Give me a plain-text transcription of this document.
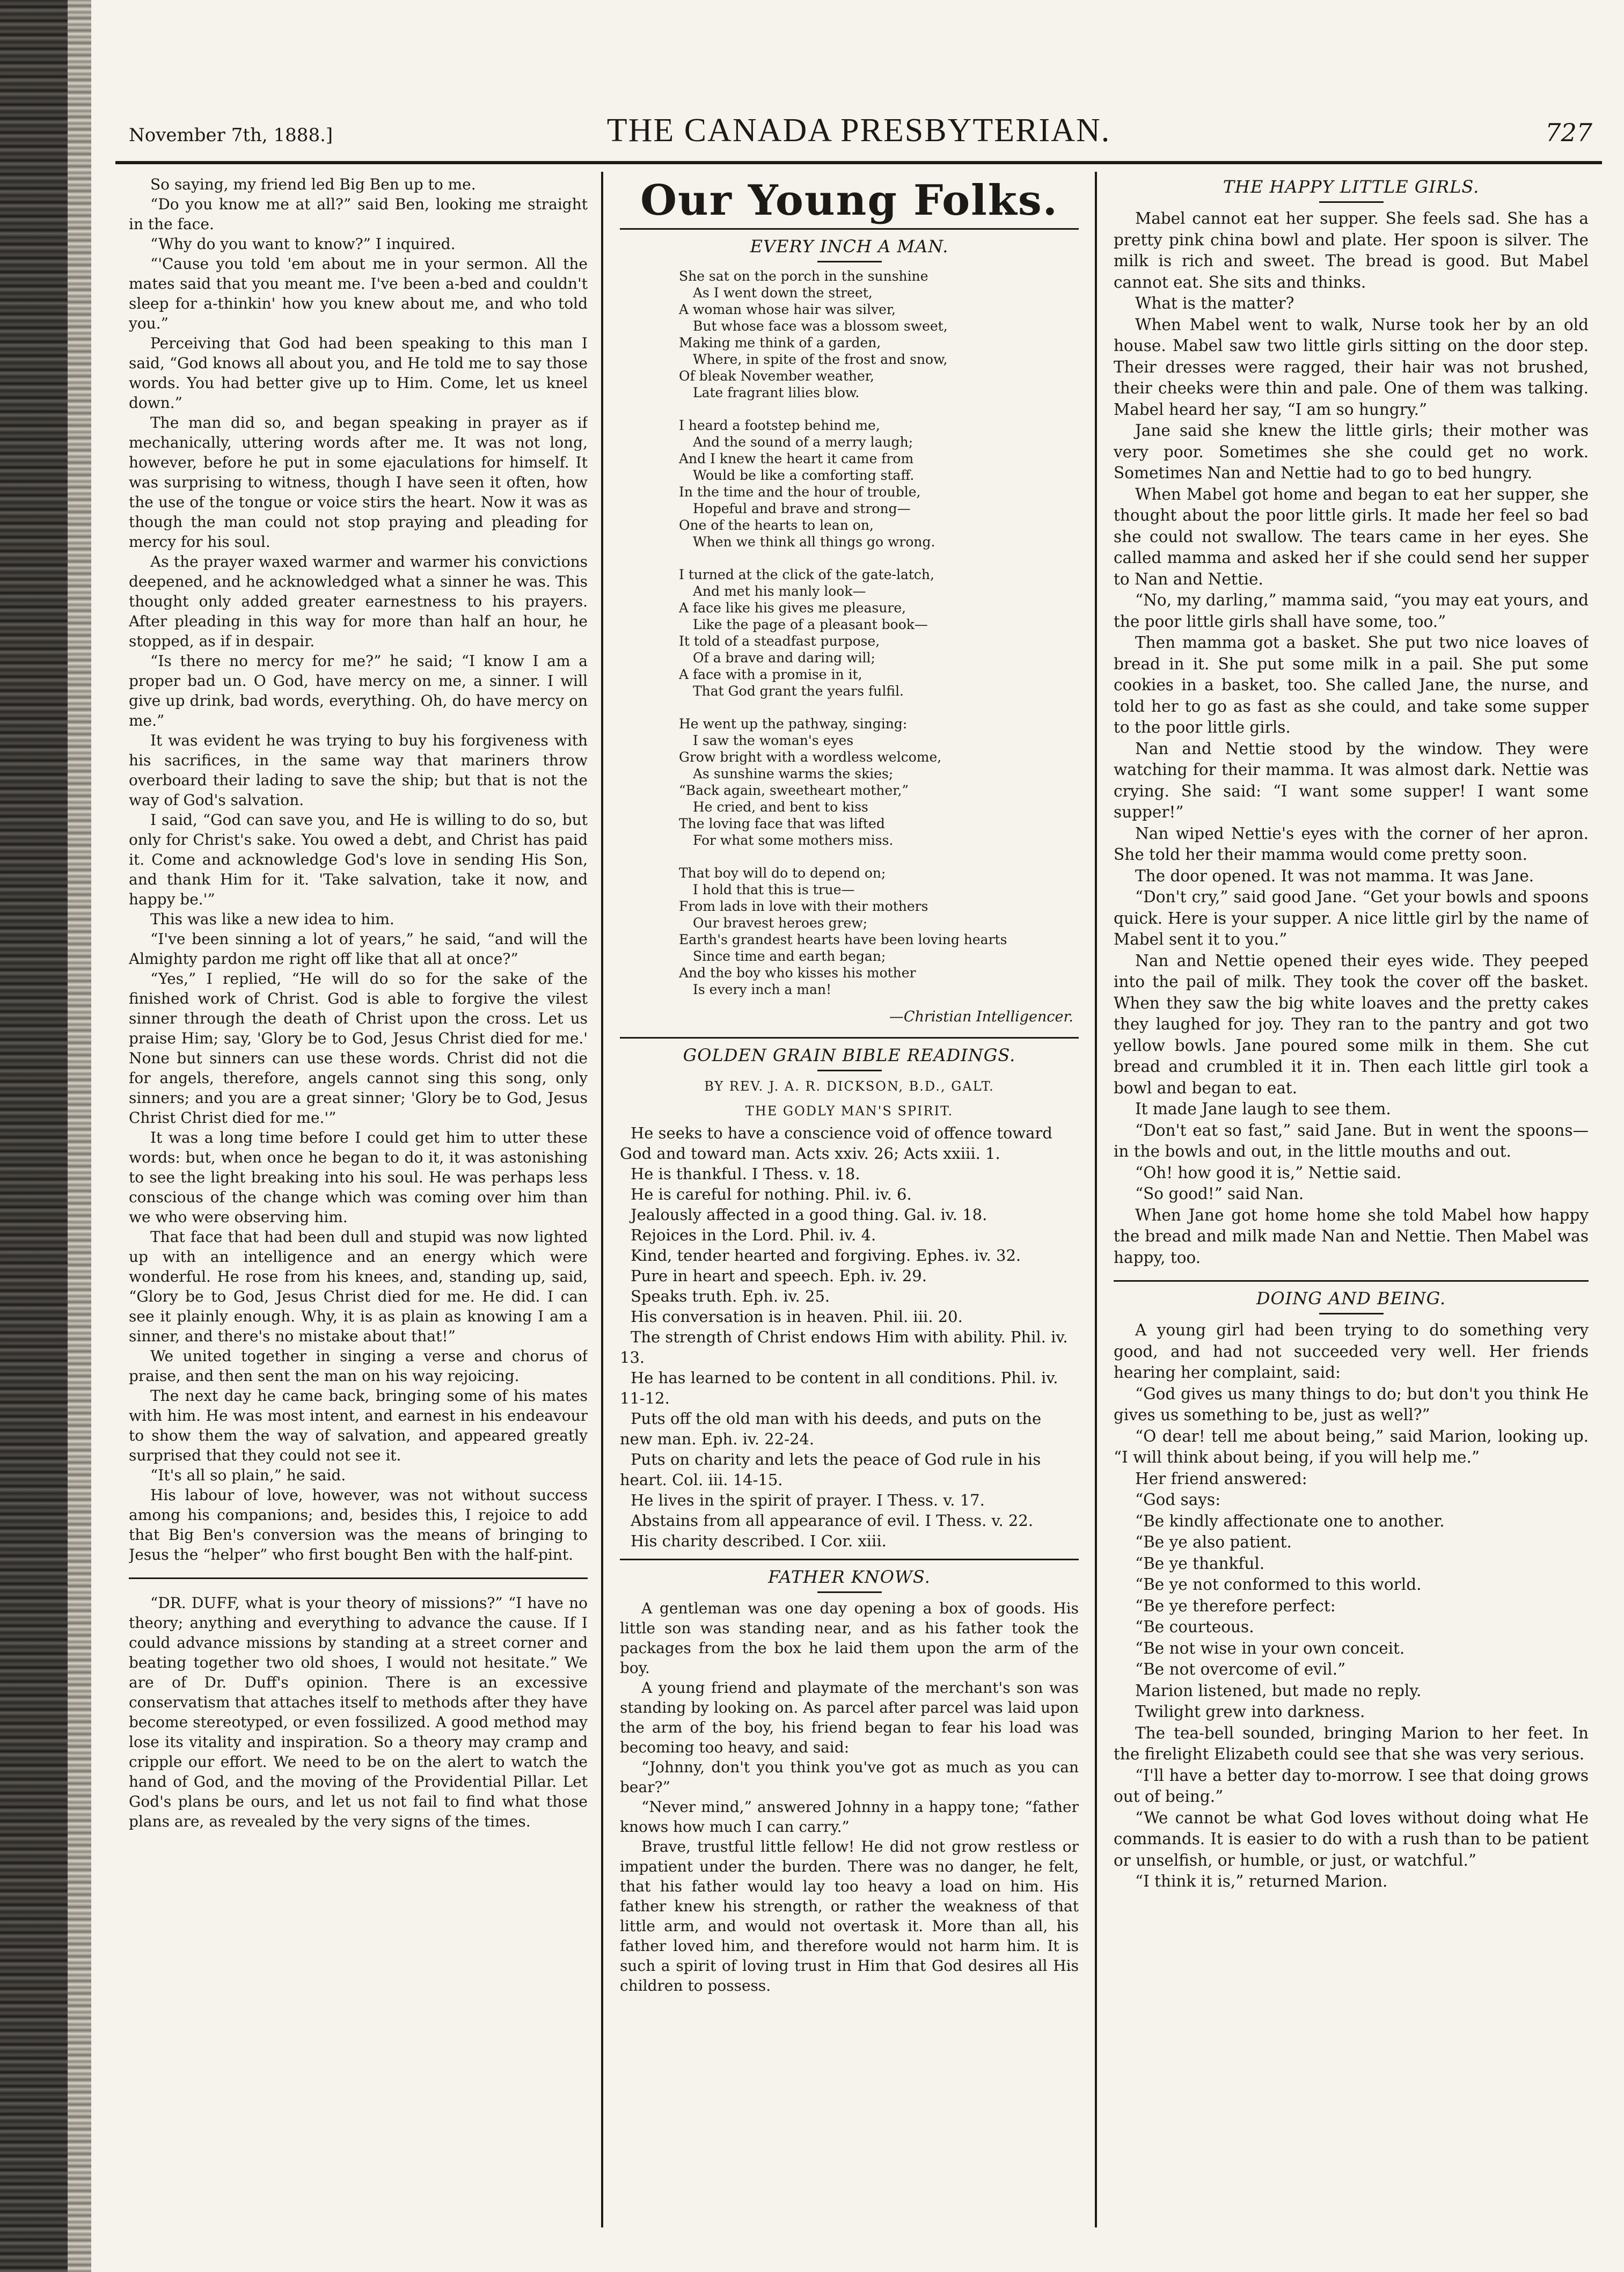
November 7th, 1888.]	THE CANADA PRESBYTERIAN.	727

So saying, my friend led Big Ben up to me.

“Do you know me at all?” said Ben, looking me straight in the face.

“Why do you want to know?” I inquired.

“'Cause you told 'em about me in your sermon. All the mates said that you meant me. I've been a-bed and couldn't sleep for a-thinkin' how you knew about me, and who told you.”

Perceiving that God had been speaking to this man I said, “God knows all about you, and He told me to say those words. You had better give up to Him. Come, let us kneel down.”

The man did so, and began speaking in prayer as if mechanically, uttering words after me. It was not long, however, before he put in some ejaculations for himself. It was surprising to witness, though I have seen it often, how the use of the tongue or voice stirs the heart. Now it was as though the man could not stop praying and pleading for mercy for his soul.

As the prayer waxed warmer and warmer his convictions deepened, and he acknowledged what a sinner he was. This thought only added greater earnestness to his prayers. After pleading in this way for more than half an hour, he stopped, as if in despair.

“Is there no mercy for me?” he said; “I know I am a proper bad un. O God, have mercy on me, a sinner. I will give up drink, bad words, everything. Oh, do have mercy on me.”

It was evident he was trying to buy his forgiveness with his sacrifices, in the same way that mariners throw overboard their lading to save the ship; but that is not the way of God's salvation.

I said, “God can save you, and He is willing to do so, but only for Christ's sake. You owed a debt, and Christ has paid it. Come and acknowledge God's love in sending His Son, and thank Him for it. 'Take salvation, take it now, and happy be.'”

This was like a new idea to him.

“I've been sinning a lot of years,” he said, “and will the Almighty pardon me right off like that all at once?”

“Yes,” I replied, “He will do so for the sake of the finished work of Christ. God is able to forgive the vilest sinner through the death of Christ upon the cross. Let us praise Him; say, 'Glory be to God, Jesus Christ died for me.' None but sinners can use these words. Christ did not die for angels, therefore, angels cannot sing this song, only sinners; and you are a great sinner; 'Glory be to God, Jesus Christ Christ died for me.'”

It was a long time before I could get him to utter these words: but, when once he began to do it, it was astonishing to see the light breaking into his soul. He was perhaps less conscious of the change which was coming over him than we who were observing him.

That face that had been dull and stupid was now lighted up with an intelligence and an energy which were wonderful. He rose from his knees, and, standing up, said, “Glory be to God, Jesus Christ died for me. He did. I can see it plainly enough. Why, it is as plain as knowing I am a sinner, and there's no mistake about that!”

We united together in singing a verse and chorus of praise, and then sent the man on his way rejoicing.

The next day he came back, bringing some of his mates with him. He was most intent, and earnest in his endeavour to show them the way of salvation, and appeared greatly surprised that they could not see it.

“It's all so plain,” he said.

His labour of love, however, was not without success among his companions; and, besides this, I rejoice to add that Big Ben's conversion was the means of bringing to Jesus the “helper” who first bought Ben with the half-pint.

“DR. DUFF, what is your theory of missions?” “I have no theory; anything and everything to advance the cause. If I could advance missions by standing at a street corner and beating together two old shoes, I would not hesitate.” We are of Dr. Duff's opinion. There is an excessive conservatism that attaches itself to methods after they have become stereotyped, or even fossilized. A good method may lose its vitality and inspiration. So a theory may cramp and cripple our effort. We need to be on the alert to watch the hand of God, and the moving of the Providential Pillar. Let God's plans be ours, and let us not fail to find what those plans are, as revealed by the very signs of the times.

Our Young Folks.
EVERY INCH A MAN.
She sat on the porch in the sunshine
As I went down the street,
A woman whose hair was silver,
But whose face was a blossom sweet,
Making me think of a garden,
Where, in spite of the frost and snow,
Of bleak November weather,
Late fragrant lilies blow.
I heard a footstep behind me,
And the sound of a merry laugh;
And I knew the heart it came from
Would be like a comforting staff.
In the time and the hour of trouble,
Hopeful and brave and strong—
One of the hearts to lean on,
When we think all things go wrong.
I turned at the click of the gate-latch,
And met his manly look—
A face like his gives me pleasure,
Like the page of a pleasant book—
It told of a steadfast purpose,
Of a brave and daring will;
A face with a promise in it,
That God grant the years fulfil.
He went up the pathway, singing:
I saw the woman's eyes
Grow bright with a wordless welcome,
As sunshine warms the skies;
“Back again, sweetheart mother,”
He cried, and bent to kiss
The loving face that was lifted
For what some mothers miss.
That boy will do to depend on;
I hold that this is true—
From lads in love with their mothers
Our bravest heroes grew;
Earth's grandest hearts have been loving hearts
Since time and earth began;
And the boy who kisses his mother
Is every inch a man!
—Christian Intelligencer.
GOLDEN GRAIN BIBLE READINGS.
BY REV. J. A. R. DICKSON, B.D., GALT.
THE GODLY MAN'S SPIRIT.
He seeks to have a conscience void of offence toward God and toward man. Acts xxiv. 26; Acts xxiii. 1.
He is thankful. I Thess. v. 18.
He is careful for nothing. Phil. iv. 6.
Jealously affected in a good thing. Gal. iv. 18.
Rejoices in the Lord. Phil. iv. 4.
Kind, tender hearted and forgiving. Ephes. iv. 32.
Pure in heart and speech. Eph. iv. 29.
Speaks truth. Eph. iv. 25.
His conversation is in heaven. Phil. iii. 20.
The strength of Christ endows Him with ability. Phil. iv. 13.
He has learned to be content in all conditions. Phil. iv. 11-12.
Puts off the old man with his deeds, and puts on the new man. Eph. iv. 22-24.
Puts on charity and lets the peace of God rule in his heart. Col. iii. 14-15.
He lives in the spirit of prayer. I Thess. v. 17.
Abstains from all appearance of evil. I Thess. v. 22.
His charity described. I Cor. xiii.
FATHER KNOWS.

A gentleman was one day opening a box of goods. His little son was standing near, and as his father took the packages from the box he laid them upon the arm of the boy.

A young friend and playmate of the merchant's son was standing by looking on. As parcel after parcel was laid upon the arm of the boy, his friend began to fear his load was becoming too heavy, and said:

“Johnny, don't you think you've got as much as you can bear?”

“Never mind,” answered Johnny in a happy tone; “father knows how much I can carry.”

Brave, trustful little fellow! He did not grow restless or impatient under the burden. There was no danger, he felt, that his father would lay too heavy a load on him. His father knew his strength, or rather the weakness of that little arm, and would not overtask it. More than all, his father loved him, and therefore would not harm him. It is such a spirit of loving trust in Him that God desires all His children to possess.

THE HAPPY LITTLE GIRLS.

Mabel cannot eat her supper. She feels sad. She has a pretty pink china bowl and plate. Her spoon is silver. The milk is rich and sweet. The bread is good. But Mabel cannot eat. She sits and thinks.

What is the matter?

When Mabel went to walk, Nurse took her by an old house. Mabel saw two little girls sitting on the door step. Their dresses were ragged, their hair was not brushed, their cheeks were thin and pale. One of them was talking. Mabel heard her say, “I am so hungry.”

Jane said she knew the little girls; their mother was very poor. Sometimes she she could get no work. Sometimes Nan and Nettie had to go to bed hungry.

When Mabel got home and began to eat her supper, she thought about the poor little girls. It made her feel so bad she could not swallow. The tears came in her eyes. She called mamma and asked her if she could send her supper to Nan and Nettie.

“No, my darling,” mamma said, “you may eat yours, and the poor little girls shall have some, too.”

Then mamma got a basket. She put two nice loaves of bread in it. She put some milk in a pail. She put some cookies in a basket, too. She called Jane, the nurse, and told her to go as fast as she could, and take some supper to the poor little girls.

Nan and Nettie stood by the window. They were watching for their mamma. It was almost dark. Nettie was crying. She said: “I want some supper! I want some supper!”

Nan wiped Nettie's eyes with the corner of her apron. She told her their mamma would come pretty soon.

The door opened. It was not mamma. It was Jane.

“Don't cry,” said good Jane. “Get your bowls and spoons quick. Here is your supper. A nice little girl by the name of Mabel sent it to you.”

Nan and Nettie opened their eyes wide. They peeped into the pail of milk. They took the cover off the basket. When they saw the big white loaves and the pretty cakes they laughed for joy. They ran to the pantry and got two yellow bowls. Jane poured some milk in them. She cut bread and crumbled it it in. Then each little girl took a bowl and began to eat.

It made Jane laugh to see them.

“Don't eat so fast,” said Jane. But in went the spoons—in the bowls and out, in the little mouths and out.

“Oh! how good it is,” Nettie said.

“So good!” said Nan.

When Jane got home home she told Mabel how happy the bread and milk made Nan and Nettie. Then Mabel was happy, too.

DOING AND BEING.

A young girl had been trying to do something very good, and had not succeeded very well. Her friends hearing her complaint, said:

“God gives us many things to do; but don't you think He gives us something to be, just as well?”

“O dear! tell me about being,” said Marion, looking up. “I will think about being, if you will help me.”

Her friend answered:

“God says:

“Be kindly affectionate one to another.

“Be ye also patient.

“Be ye thankful.

“Be ye not conformed to this world.

“Be ye therefore perfect:

“Be courteous.

“Be not wise in your own conceit.

“Be not overcome of evil.”

Marion listened, but made no reply.

Twilight grew into darkness.

The tea-bell sounded, bringing Marion to her feet. In the firelight Elizabeth could see that she was very serious.

“I'll have a better day to-morrow. I see that doing grows out of being.”

“We cannot be what God loves without doing what He commands. It is easier to do with a rush than to be patient or unselfish, or humble, or just, or watchful.”

“I think it is,” returned Marion.
